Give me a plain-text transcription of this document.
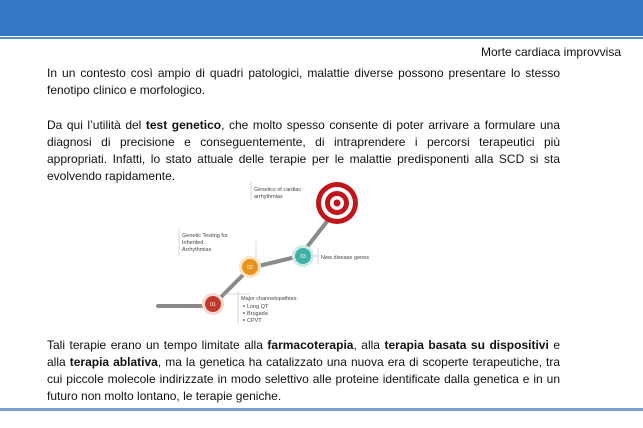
Morte cardiaca improvvisa
In un contesto così ampio di quadri patologici, malattie diverse possono presentare lo stesso fenotipo clinico e morfologico.
Da qui l’utilità del test genetico, che molto spesso consente di poter arrivare a formulare una diagnosi di precisione e conseguentemente, di intraprendere i percorsi terapeutici più appropriati. Infatti, lo stato attuale delle terapie per le malattie predisponenti alla SCD si sta evolvendo rapidamente.
01
02
03
Genetics of cardiac
arrhythmias
Genetic Testing for
Inherited
Arrhythmias
New disease genes
Major channelopathies:
Long QT
Brugada
CPVT
Tali terapie erano un tempo limitate alla farmacoterapia, alla terapia basata su dispositivi e alla terapia ablativa, ma la genetica ha catalizzato una nuova era di scoperte terapeutiche, tra cui piccole molecole indirizzate in modo selettivo alle proteine identificate dalla genetica e in un futuro non molto lontano, le terapie geniche.
